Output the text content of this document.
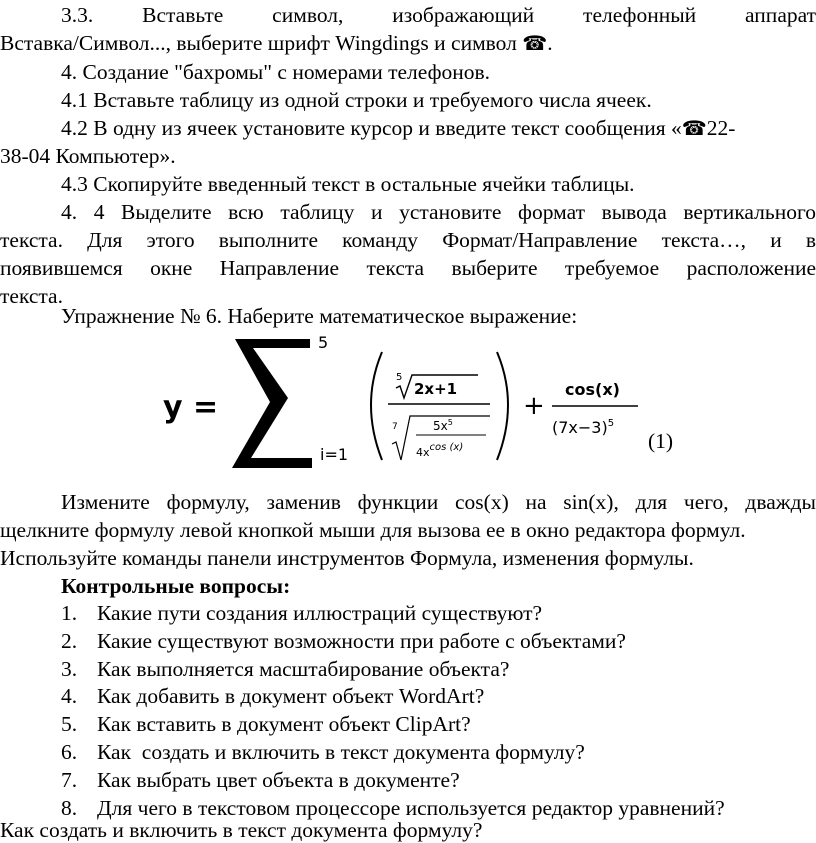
3.3. Вставьте символ, изображающий телефонный аппарат
Вставка/Символ..., выберите шрифт Wingdings и символ ☎.
4. Создание "бахромы" с номерами телефонов.
4.1 Вставьте таблицу из одной строки и требуемого числа ячеек.
4.2 В одну из ячеек установите курсор и введите текст сообщения «☎22-
38-04 Компьютер».
4.3 Скопируйте введенный текст в остальные ячейки таблицы.
4. 4 Выделите всю таблицу и установите формат вывода вертикального
текста. Для этого выполните команду Формат/Направление текста…, и в
появившемся окне Направление текста выберите требуемое расположение
текста.
Упражнение № 6. Наберите математическое выражение:
y =
5
i=1
5
2x+1
7	$5x^5$
4xcos (x)
+
cos(x)
$(7x-3)^5$
(1)
Измените формулу, заменив функции cos(x) на sin(x), для чего, дважды
щелкните формулу левой кнопкой мыши для вызова ее в окно редактора формул.
Используйте команды панели инструментов Формула, изменения формулы.
Контрольные вопросы:
1. Какие пути создания иллюстраций существуют?
2. Какие существуют возможности при работе с объектами?
3. Как выполняется масштабирование объекта?
4. Как добавить в документ объект WordArt?
5. Как вставить в документ объект ClipArt?
6. Как  создать и включить в текст документа формулу?
7. Как выбрать цвет объекта в документе?
8. Для чего в текстовом процессоре используется редактор уравнений?
Как создать и включить в текст документа формулу?
